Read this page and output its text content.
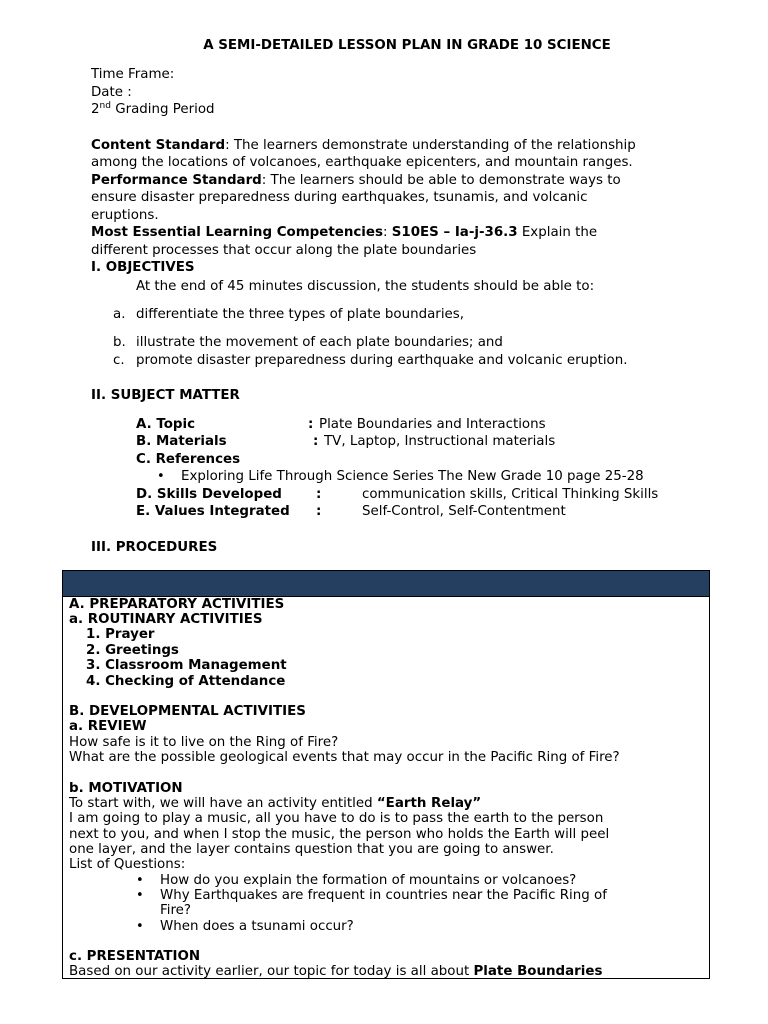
A SEMI-DETAILED LESSON PLAN IN GRADE 10 SCIENCE
Time Frame:
Date :
2nd Grading Period
Content Standard: The learners demonstrate understanding of the relationship
among the locations of volcanoes, earthquake epicenters, and mountain ranges.
Performance Standard: The learners should be able to demonstrate ways to
ensure disaster preparedness during earthquakes, tsunamis, and volcanic
eruptions.
Most Essential Learning Competencies: S10ES – Ia-j-36.3 Explain the
different processes that occur along the plate boundaries
I. OBJECTIVES
At the end of 45 minutes discussion, the students should be able to:
a. differentiate the three types of plate boundaries,
b. illustrate the movement of each plate boundaries; and
c. promote disaster preparedness during earthquake and volcanic eruption.
II. SUBJECT MATTER
A. Topic	: Plate Boundaries and Interactions
B. Materials	: TV, Laptop, Instructional materials
C. References
• Exploring Life Through Science Series The New Grade 10 page 25-28
D. Skills Developed	:	communication skills, Critical Thinking Skills
E. Values Integrated :	Self-Control, Self-Contentment
III. PROCEDURES
A. PREPARATORY ACTIVITIES
a. ROUTINARY ACTIVITIES
1. Prayer
2. Greetings
3. Classroom Management
4. Checking of Attendance
B. DEVELOPMENTAL ACTIVITIES
a. REVIEW
How safe is it to live on the Ring of Fire?
What are the possible geological events that may occur in the Pacific Ring of Fire?
b. MOTIVATION
To start with, we will have an activity entitled “Earth Relay”
I am going to play a music, all you have to do is to pass the earth to the person
next to you, and when I stop the music, the person who holds the Earth will peel
one layer, and the layer contains question that you are going to answer.
List of Questions:
• How do you explain the formation of mountains or volcanoes?
• Why Earthquakes are frequent in countries near the Pacific Ring of
Fire?
• When does a tsunami occur?
c. PRESENTATION
Based on our activity earlier, our topic for today is all about Plate Boundaries
